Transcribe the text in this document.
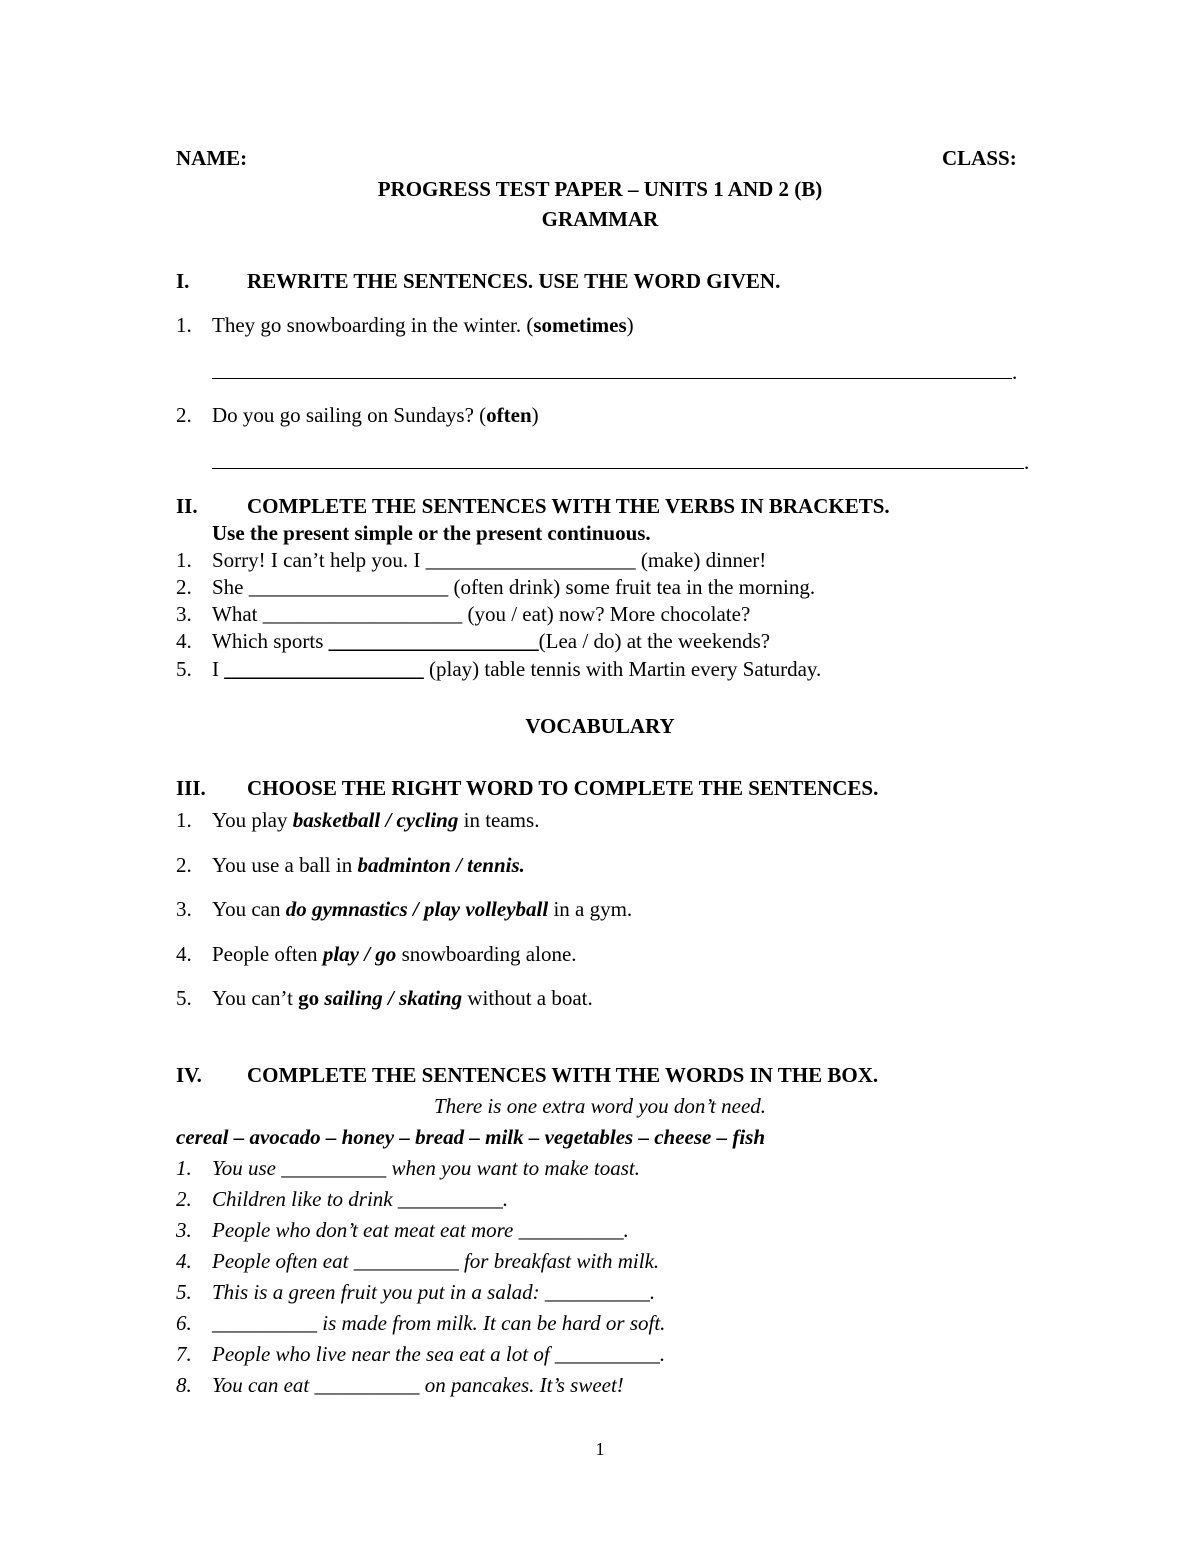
NAME:	CLASS:
PROGRESS TEST PAPER – UNITS 1 AND 2 (B)
GRAMMAR
I.	REWRITE THE SENTENCES. USE THE WORD GIVEN.
1. They go snowboarding in the winter. (sometimes)
.
2. Do you go sailing on Sundays? (often)
.
II. COMPLETE THE SENTENCES WITH THE VERBS IN BRACKETS.
Use the present simple or the present continuous.
1. Sorry! I can’t help you. I ____________________ (make) dinner!
2. She ___________________ (often drink) some fruit tea in the morning.
3. What ___________________ (you / eat) now? More chocolate?
4. Which sports ____________________(Lea / do) at the weekends?
5. I ___________________ (play) table tennis with Martin every Saturday.
VOCABULARY
III. CHOOSE THE RIGHT WORD TO COMPLETE THE SENTENCES.
1. You play basketball / cycling in teams.
2. You use a ball in badminton / tennis.
3. You can do gymnastics / play volleyball in a gym.
4. People often play / go snowboarding alone.
5. You can’t go sailing / skating without a boat.
IV. COMPLETE THE SENTENCES WITH THE WORDS IN THE BOX.
There is one extra word you don’t need.
cereal – avocado – honey – bread – milk – vegetables – cheese – fish
1. You use __________ when you want to make toast.
2. Children like to drink __________.
3. People who don’t eat meat eat more __________.
4. People often eat __________ for breakfast with milk.
5. This is a green fruit you put in a salad: __________.
6. __________ is made from milk. It can be hard or soft.
7. People who live near the sea eat a lot of __________.
8. You can eat __________ on pancakes. It’s sweet!
1
